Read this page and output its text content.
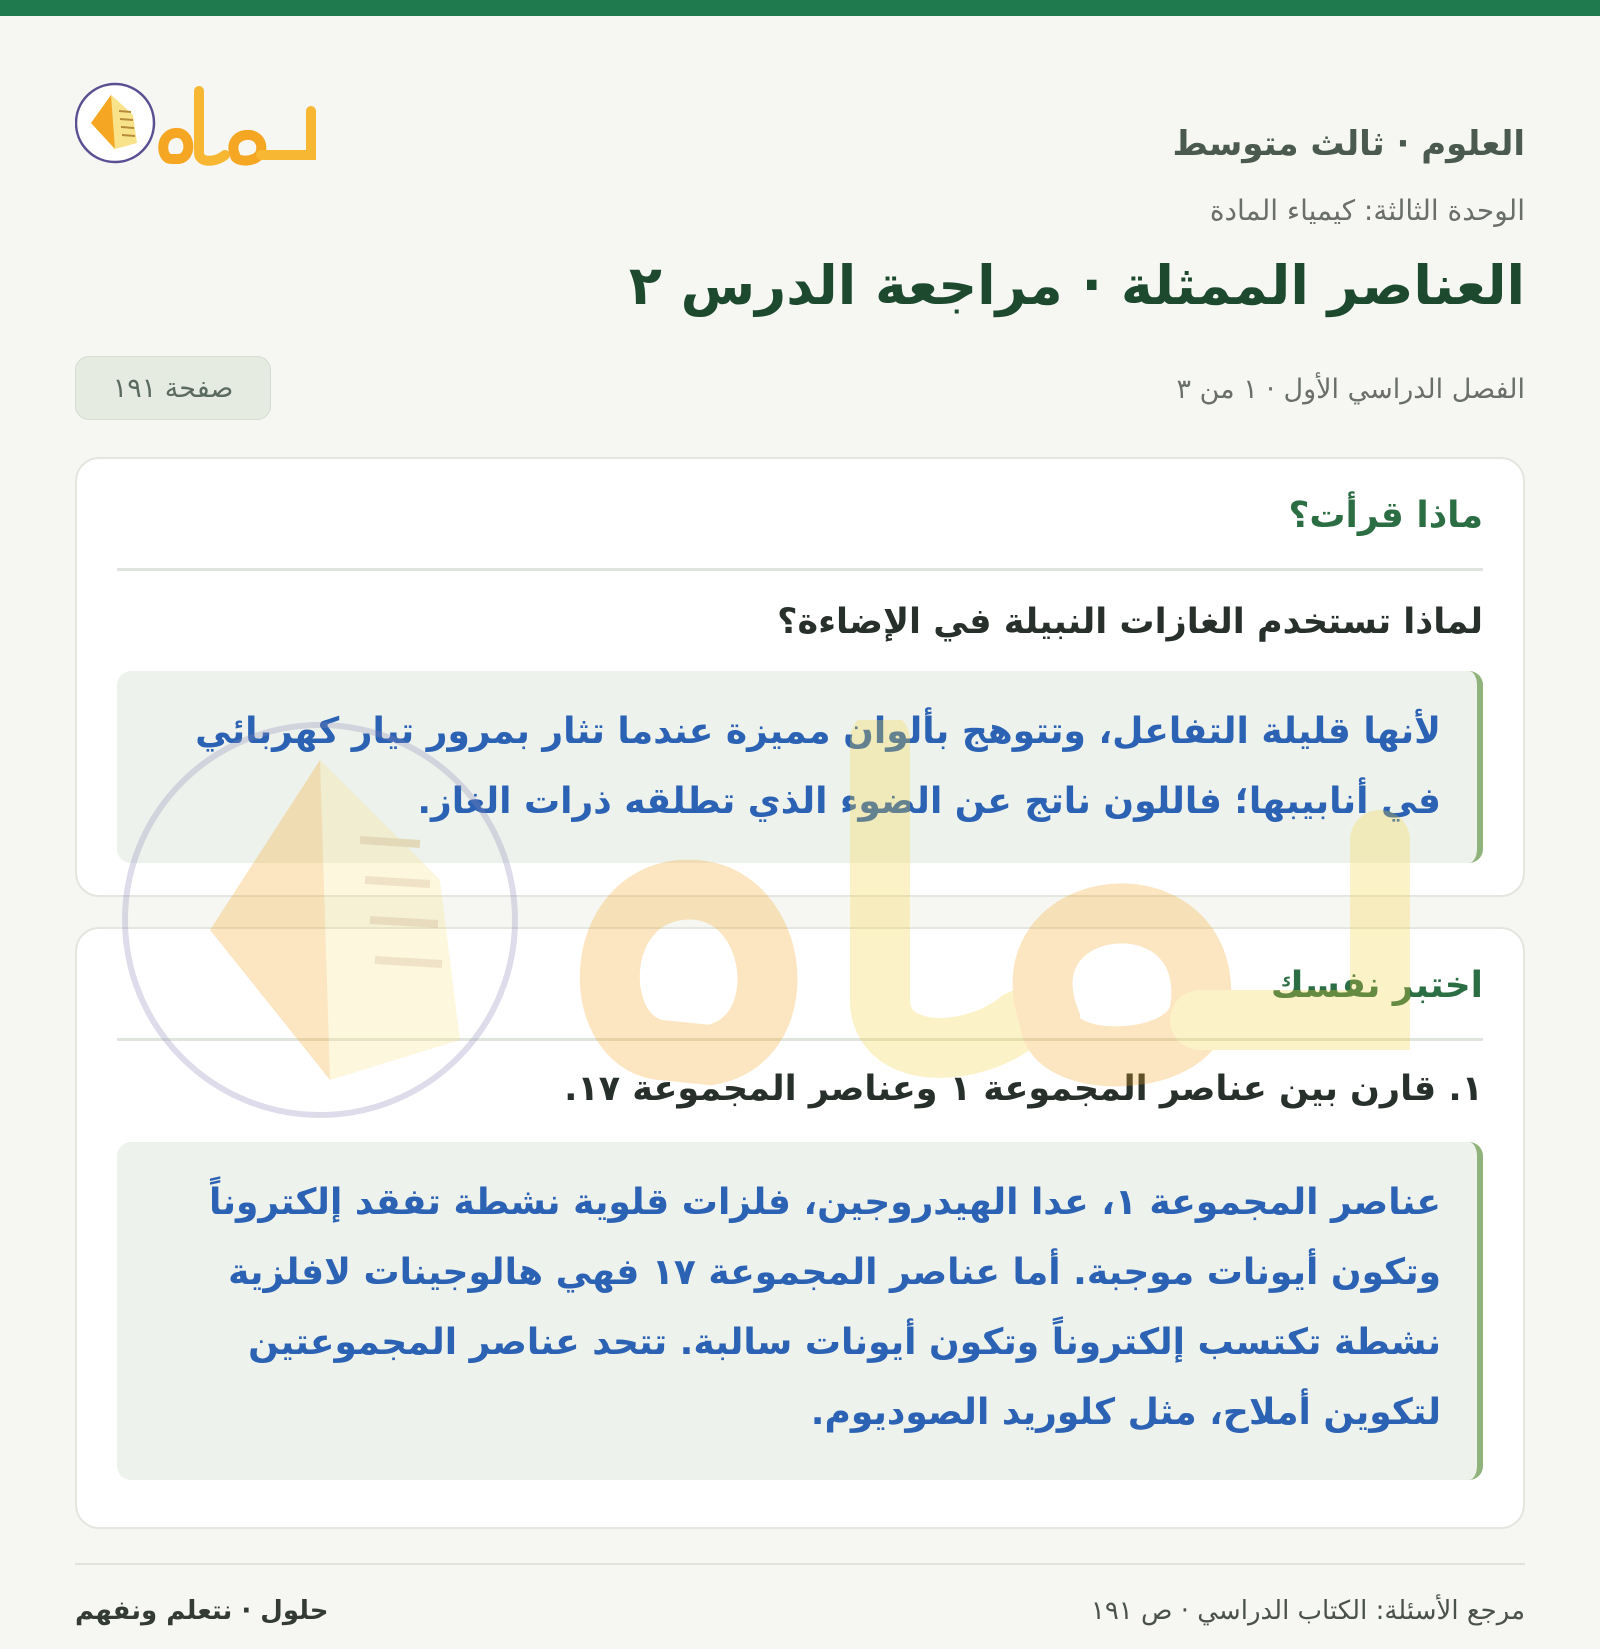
العلوم · ثالث متوسط
الوحدة الثالثة: كيمياء المادة
العناصر الممثلة · مراجعة الدرس ٢
الفصل الدراسي الأول · ١ من ٣
صفحة ١٩١
ماذا قرأت؟

لماذا تستخدم الغازات النبيلة في الإضاءة؟

لأنها قليلة التفاعل، وتتوهج بألوان مميزة عندما تثار بمرور تيار كهربائي في أنابيبها؛ فاللون ناتج عن الضوء الذي تطلقه ذرات الغاز.

اختبر نفسك

١. قارن بين عناصر المجموعة ١ وعناصر المجموعة ١٧.

عناصر المجموعة ١، عدا الهيدروجين، فلزات قلوية نشطة تفقد إلكتروناً وتكون أيونات موجبة. أما عناصر المجموعة ١٧ فهي هالوجينات لافلزية نشطة تكتسب إلكتروناً وتكون أيونات سالبة. تتحد عناصر المجموعتين لتكوين أملاح، مثل كلوريد الصوديوم.

مرجع الأسئلة: الكتاب الدراسي · ص ١٩١
حلول · نتعلم ونفهم
